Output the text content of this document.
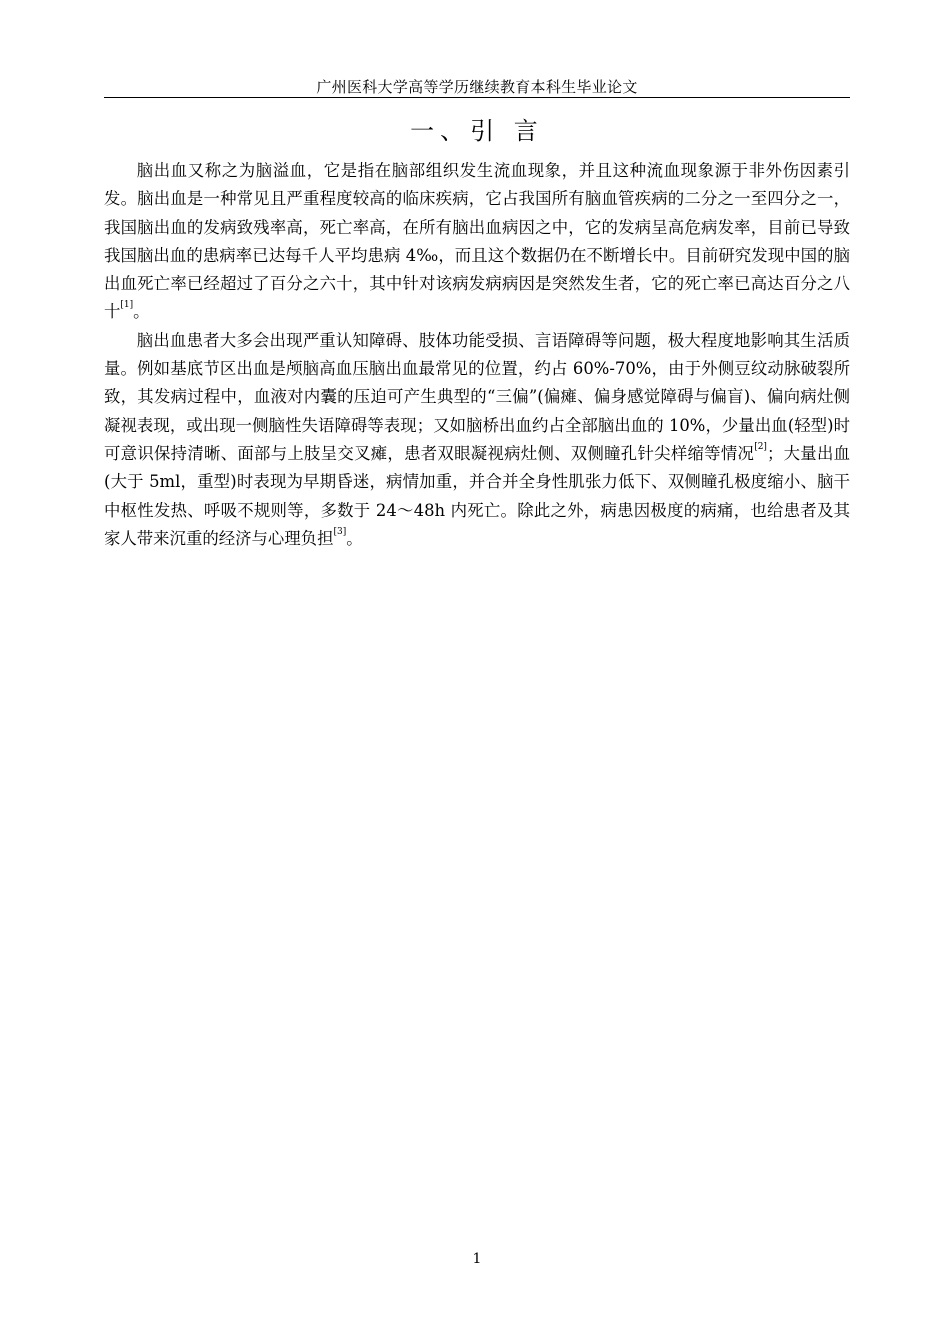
广州医科大学高等学历继续教育本科生毕业论文
一、引 言

脑出血又称之为脑溢血，它是指在脑部组织发生流血现象，并且这种流血现象源于非外伤因素引发。脑出血是一种常见且严重程度较高的临床疾病，它占我国所有脑血管疾病的二分之一至四分之一，我国脑出血的发病致残率高，死亡率高，在所有脑出血病因之中，它的发病呈高危病发率，目前已导致我国脑出血的患病率已达每千人平均患病 4‰，而且这个数据仍在不断增长中。目前研究发现中国的脑出血死亡率已经超过了百分之六十，其中针对该病发病病因是突然发生者，它的死亡率已高达百分之八十[1]。

脑出血患者大多会出现严重认知障碍、肢体功能受损、言语障碍等问题，极大程度地影响其生活质量。例如基底节区出血是颅脑高血压脑出血最常见的位置，约占 60%-70%，由于外侧豆纹动脉破裂所致，其发病过程中，血液对内囊的压迫可产生典型的“三偏”(偏瘫、偏身感觉障碍与偏盲)、偏向病灶侧凝视表现，或出现一侧脑性失语障碍等表现；又如脑桥出血约占全部脑出血的 10%，少量出血(轻型)时可意识保持清晰、面部与上肢呈交叉瘫，患者双眼凝视病灶侧、双侧瞳孔针尖样缩等情况[2]；大量出血(大于 5ml，重型)时表现为早期昏迷，病情加重，并合并全身性肌张力低下、双侧瞳孔极度缩小、脑干中枢性发热、呼吸不规则等，多数于 24～48h 内死亡。除此之外，病患因极度的病痛，也给患者及其家人带来沉重的经济与心理负担[3]。

1
